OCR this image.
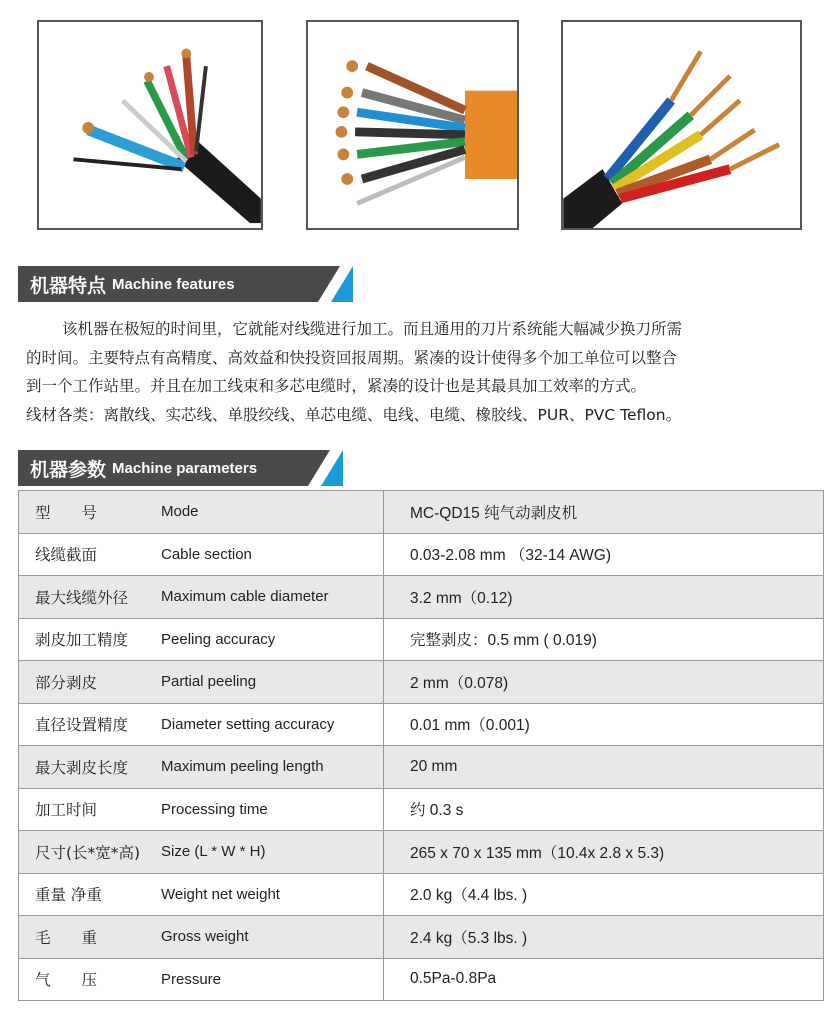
机器特点 Machine features

该机器在极短的时间里，它就能对线缆进行加工。而且通用的刀片系统能大幅减少换刀所需

的时间。主要特点有高精度、高效益和快投资回报周期。紧凑的设计使得多个加工单位可以整合

到一个工作站里。并且在加工线束和多芯电缆时，紧凑的设计也是其最具加工效率的方式。

线材各类：离散线、实芯线、单股绞线、单芯电缆、电线、电缆、橡胶线、PUR、PVC Teflon。

机器参数 Machine parameters
型　　号	Mode	MC-QD15 纯气动剥皮机
线缆截面	Cable section	0.03-2.08 mm （32-14 AWG)
最大线缆外径	Maximum cable diameter	3.2 mm（0.12)
剥皮加工精度	Peeling accuracy	完整剥皮：0.5 mm ( 0.019)
部分剥皮	Partial peeling	2 mm（0.078)
直径设置精度	Diameter setting accuracy	0.01 mm（0.001)
最大剥皮长度	Maximum peeling length	20 mm
加工时间	Processing time	约 0.3 s
尺寸(长*宽*高)	Size (L * W * H)	265 x 70 x 135 mm（10.4x 2.8 x 5.3)
重量 净重	Weight net weight	2.0 kg（4.4 lbs. )
毛　　重	Gross weight	2.4 kg（5.3 lbs. )
气　　压	Pressure	0.5Pa-0.8Pa
